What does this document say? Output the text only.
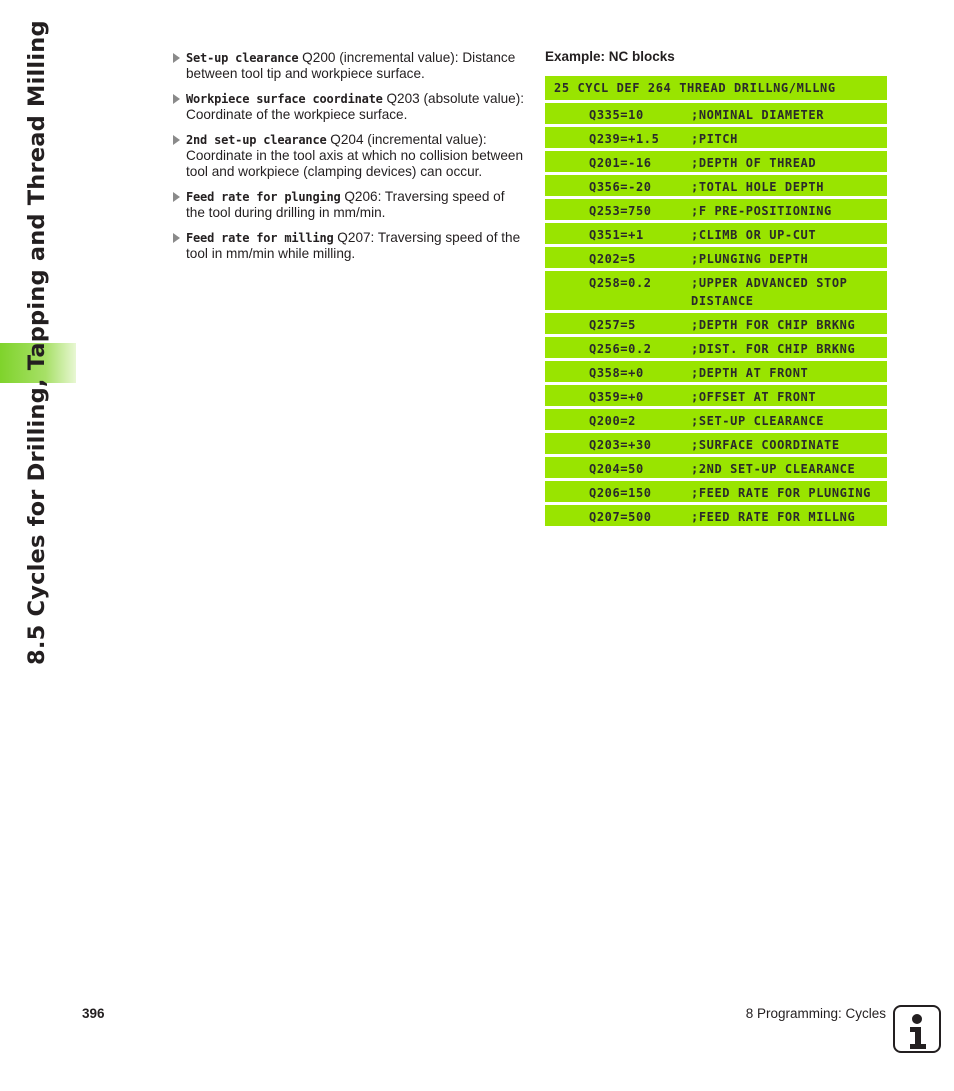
8.5 Cycles for Drilling, Tapping and Thread Milling	Set-up clearance Q200 (incremental value): Distance between tool tip and workpiece surface.
Workpiece surface coordinate Q203 (absolute value): Coordinate of the workpiece surface.
2nd set-up clearance Q204 (incremental value): Coordinate in the tool axis at which no collision between tool and workpiece (clamping devices) can occur.
Feed rate for plunging Q206: Traversing speed of the tool during drilling in mm/min.
Feed rate for milling Q207: Traversing speed of the tool in mm/min while milling.
Example: NC blocks
25 CYCL DEF 264 THREAD DRILLNG/MLLNG
Q335=10	;NOMINAL DIAMETER
Q239=+1.5	;PITCH
Q201=-16	;DEPTH OF THREAD
Q356=-20	;TOTAL HOLE DEPTH
Q253=750	;F PRE-POSITIONING
Q351=+1	;CLIMB OR UP-CUT
Q202=5	;PLUNGING DEPTH
Q258=0.2	;UPPER ADVANCED STOP DISTANCE
Q257=5	;DEPTH FOR CHIP BRKNG
Q256=0.2	;DIST. FOR CHIP BRKNG
Q358=+0	;DEPTH AT FRONT
Q359=+0	;OFFSET AT FRONT
Q200=2	;SET-UP CLEARANCE
Q203=+30	;SURFACE COORDINATE
Q204=50	;2ND SET-UP CLEARANCE
Q206=150	;FEED RATE FOR PLUNGING
Q207=500	;FEED RATE FOR MILLNG
396	8 Programming: Cycles
